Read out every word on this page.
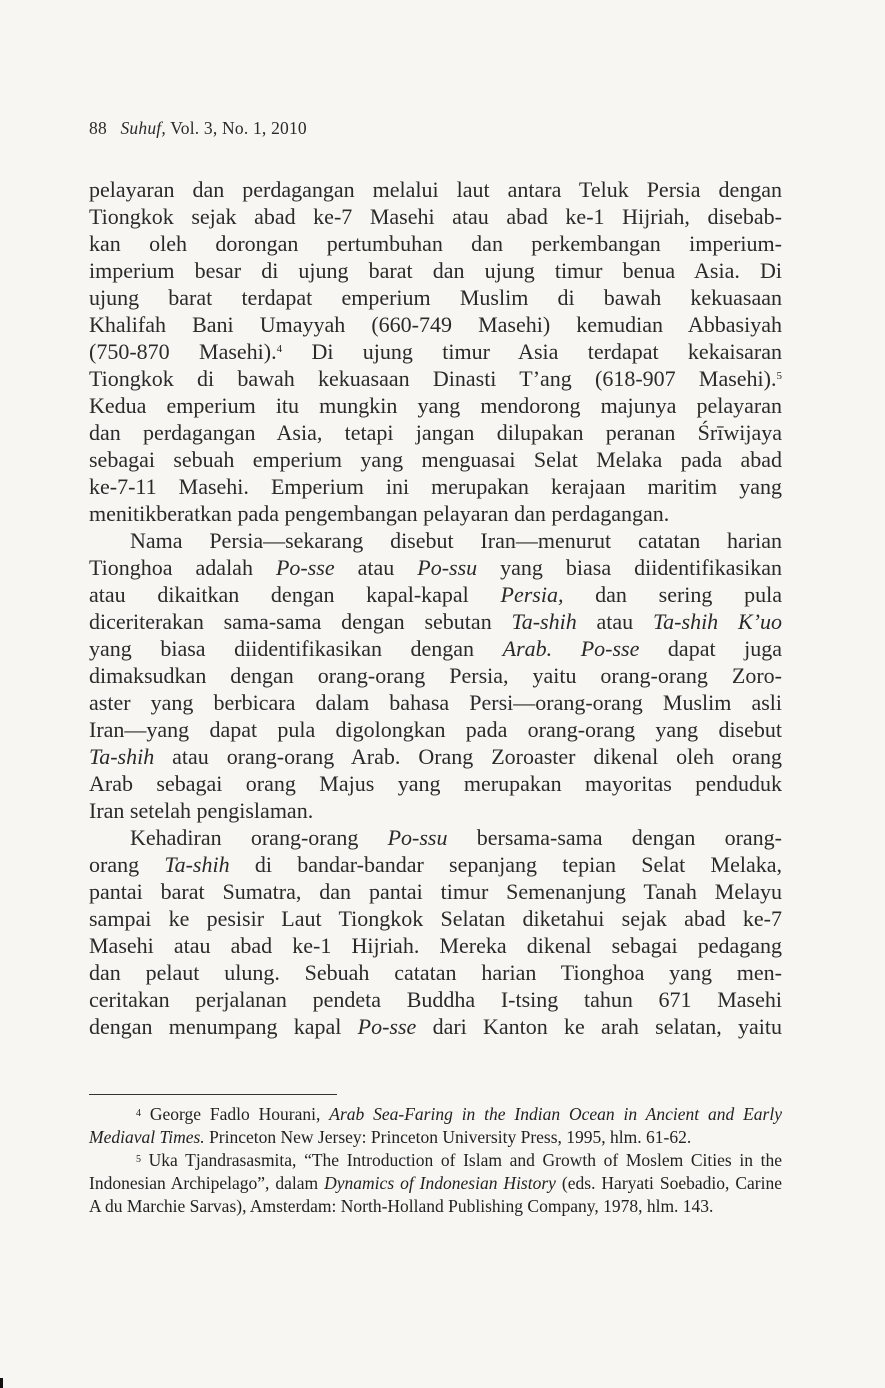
88 Suhuf, Vol. 3, No. 1, 2010

pelayaran dan perdagangan melalui laut antara Teluk Persia dengan
Tiongkok sejak abad ke-7 Masehi atau abad ke-1 Hijriah, disebab-
kan oleh dorongan pertumbuhan dan perkembangan imperium-
imperium besar di ujung barat dan ujung timur benua Asia. Di
ujung barat terdapat emperium Muslim di bawah kekuasaan
Khalifah Bani Umayyah (660-749 Masehi) kemudian Abbasiyah
(750-870 Masehi).$^4$ Di ujung timur Asia terdapat kekaisaran
Tiongkok di bawah kekuasaan Dinasti T’ang (618-907 Masehi).$^5$
Kedua emperium itu mungkin yang mendorong majunya pelayaran
dan perdagangan Asia, tetapi jangan dilupakan peranan Śrīwijaya
sebagai sebuah emperium yang menguasai Selat Melaka pada abad
ke-7-11 Masehi. Emperium ini merupakan kerajaan maritim yang
menitikberatkan pada pengembangan pelayaran dan perdagangan.

Nama Persia—sekarang disebut Iran—menurut catatan harian
Tionghoa adalah Po-sse atau Po-ssu yang biasa diidentifikasikan
atau dikaitkan dengan kapal-kapal Persia, dan sering pula
diceriterakan sama-sama dengan sebutan Ta-shih atau Ta-shih K’uo
yang biasa diidentifikasikan dengan Arab. Po-sse dapat juga
dimaksudkan dengan orang-orang Persia, yaitu orang-orang Zoro-
aster yang berbicara dalam bahasa Persi—orang-orang Muslim asli
Iran—yang dapat pula digolongkan pada orang-orang yang disebut
Ta-shih atau orang-orang Arab. Orang Zoroaster dikenal oleh orang
Arab sebagai orang Majus yang merupakan mayoritas penduduk
Iran setelah pengislaman.

Kehadiran orang-orang Po-ssu bersama-sama dengan orang-
orang Ta-shih di bandar-bandar sepanjang tepian Selat Melaka,
pantai barat Sumatra, dan pantai timur Semenanjung Tanah Melayu
sampai ke pesisir Laut Tiongkok Selatan diketahui sejak abad ke-7
Masehi atau abad ke-1 Hijriah. Mereka dikenal sebagai pedagang
dan pelaut ulung. Sebuah catatan harian Tionghoa yang men-
ceritakan perjalanan pendeta Buddha I-tsing tahun 671 Masehi
dengan menumpang kapal Po-sse dari Kanton ke arah selatan, yaitu

$^4$ George Fadlo Hourani, Arab Sea-Faring in the Indian Ocean in Ancient and Early Mediaval Times. Princeton New Jersey: Princeton University Press, 1995, hlm. 61-62.

$^5$ Uka Tjandrasasmita, “The Introduction of Islam and Growth of Moslem Cities in the Indonesian Archipelago”, dalam Dynamics of Indonesian History (eds. Haryati Soebadio, Carine A du Marchie Sarvas), Amsterdam: North-Holland Publishing Company, 1978, hlm. 143.
